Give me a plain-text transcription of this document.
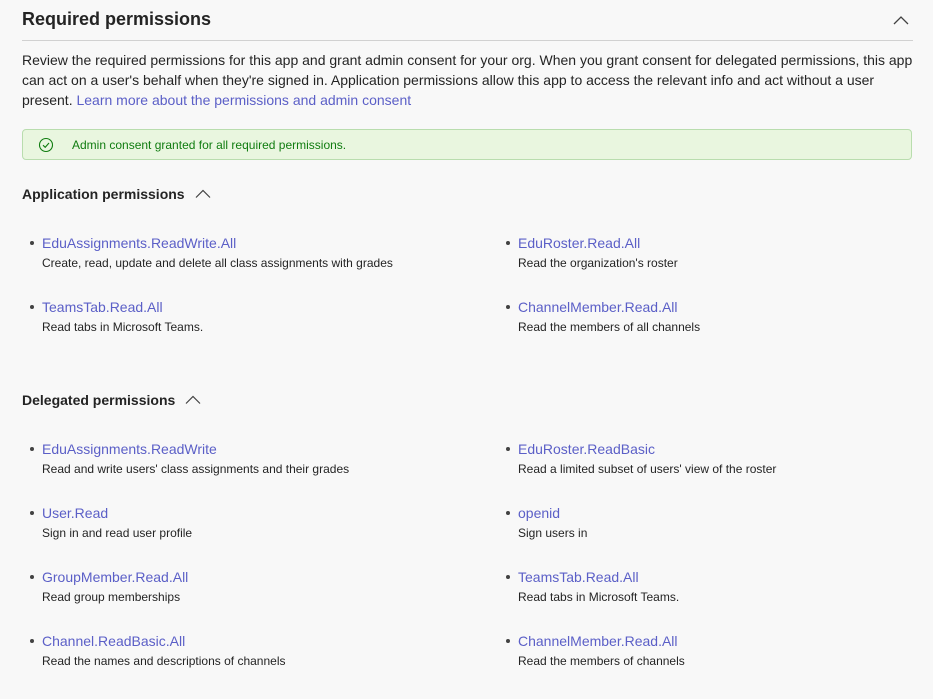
Required permissions
Review the required permissions for this app and grant admin consent for your org. When you grant consent for delegated permissions, this app can act on a user's behalf when they're signed in. Application permissions allow this app to access the relevant info and act without a user present. Learn more about the permissions and admin consent
Admin consent granted for all required permissions.
Application permissions
EduAssignments.ReadWrite.All
Create, read, update and delete all class assignments with grades
EduRoster.Read.All
Read the organization's roster
TeamsTab.Read.All
Read tabs in Microsoft Teams.
ChannelMember.Read.All
Read the members of all channels
Delegated permissions
EduAssignments.ReadWrite
Read and write users' class assignments and their grades
EduRoster.ReadBasic
Read a limited subset of users' view of the roster
User.Read
Sign in and read user profile
openid
Sign users in
GroupMember.Read.All
Read group memberships
TeamsTab.Read.All
Read tabs in Microsoft Teams.
Channel.ReadBasic.All
Read the names and descriptions of channels
ChannelMember.Read.All
Read the members of channels
